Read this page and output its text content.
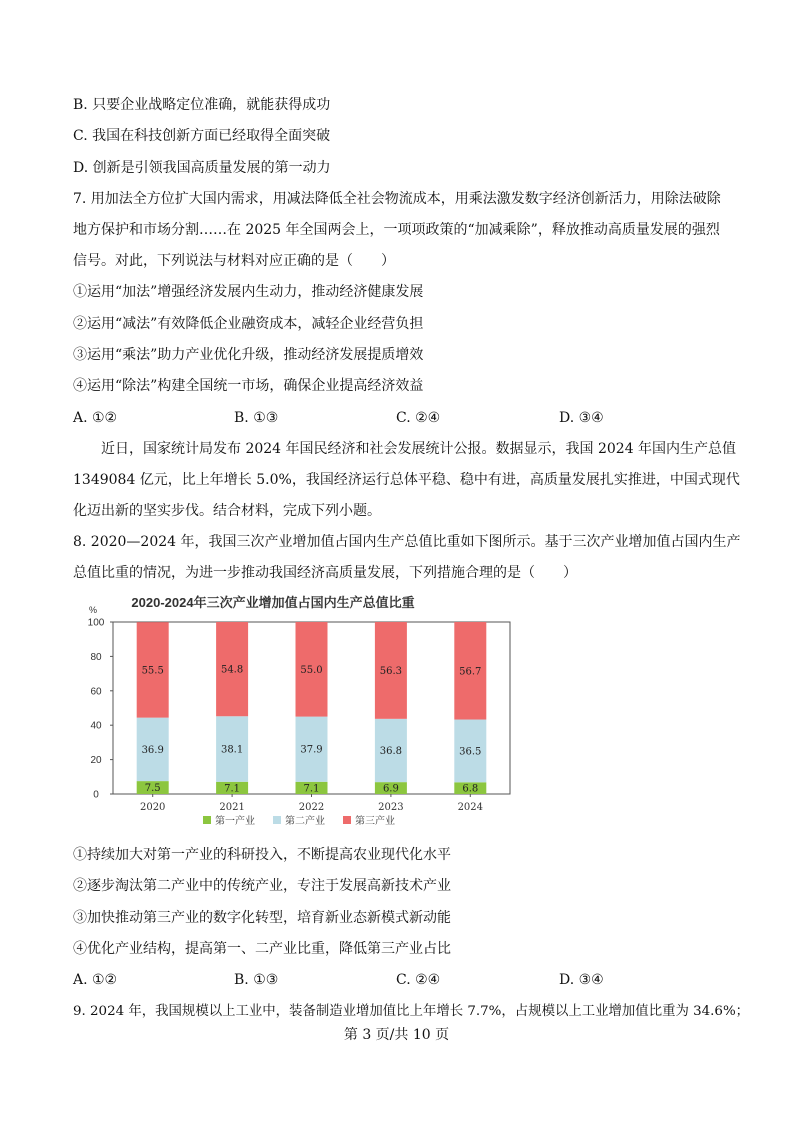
B. 只要企业战略定位准确，就能获得成功
C. 我国在科技创新方面已经取得全面突破
D. 创新是引领我国高质量发展的第一动力
7. 用加法全方位扩大国内需求，用减法降低全社会物流成本，用乘法激发数字经济创新活力，用除法破除
地方保护和市场分割……在 2025 年全国两会上，一项项政策的“加减乘除”，释放推动高质量发展的强烈
信号。对此，下列说法与材料对应正确的是（　　）
①运用“加法”增强经济发展内生动力，推动经济健康发展
②运用“减法”有效降低企业融资成本，减轻企业经营负担
③运用“乘法”助力产业优化升级，推动经济发展提质增效
④运用“除法”构建全国统一市场，确保企业提高经济效益
A. ①②	B. ①③	C. ②④	D. ③④
　　近日，国家统计局发布 2024 年国民经济和社会发展统计公报。数据显示，我国 2024 年国内生产总值
1349084 亿元，比上年增长 5.0%，我国经济运行总体平稳、稳中有进，高质量发展扎实推进，中国式现代
化迈出新的坚实步伐。结合材料，完成下列小题。
8. 2020—2024 年，我国三次产业增加值占国内生产总值比重如下图所示。基于三次产业增加值占国内生产
总值比重的情况，为进一步推动我国经济高质量发展，下列措施合理的是（　　）
2020-2024年三次产业增加值占国内生产总值比重
%
0
20
40
60
80
100
7.5
36.9
55.5
2020
7.1
38.1
54.8
2021
7.1
37.9
55.0
2022
6.9
36.8
56.3
2023
6.8
36.5
56.7
2024
第一产业	第二产业	第三产业
①持续加大对第一产业的科研投入，不断提高农业现代化水平
②逐步淘汰第二产业中的传统产业，专注于发展高新技术产业
③加快推动第三产业的数字化转型，培育新业态新模式新动能
④优化产业结构，提高第一、二产业比重，降低第三产业占比
A. ①②	B. ①③	C. ②④	D. ③④
9. 2024 年，我国规模以上工业中，装备制造业增加值比上年增长 7.7%，占规模以上工业增加值比重为 34.6%；
第 3 页/共 10 页
